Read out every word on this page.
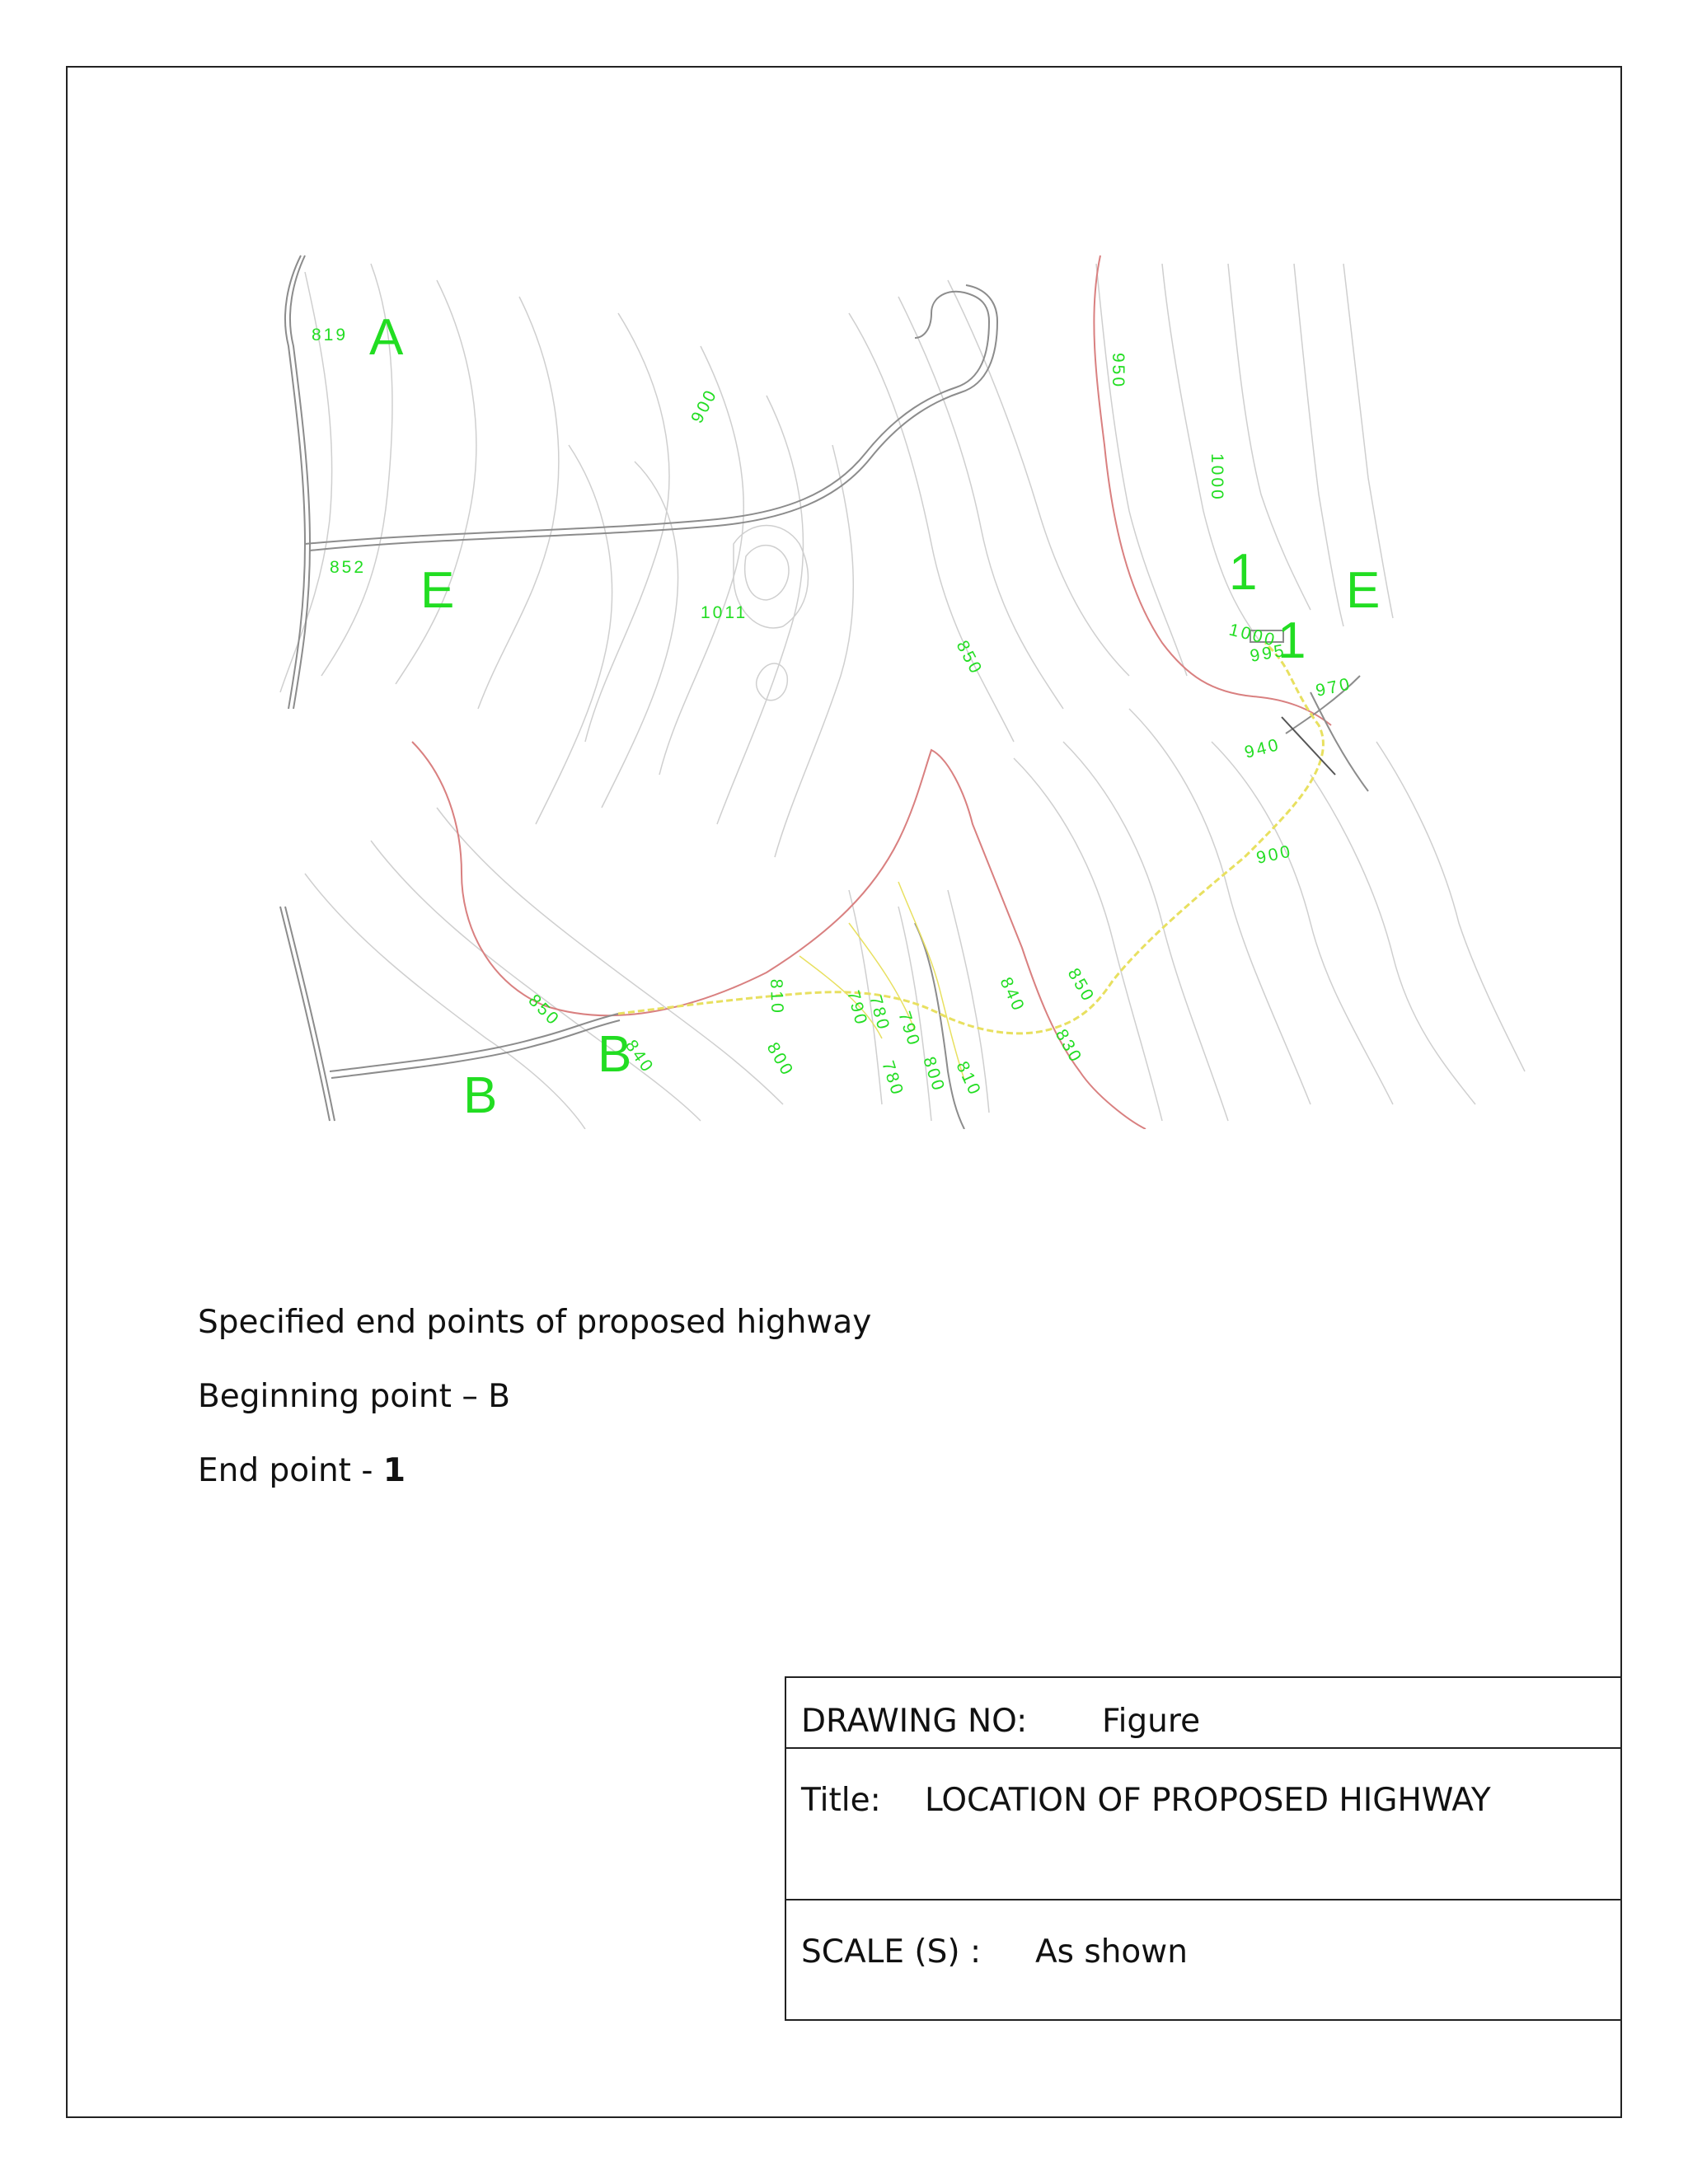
A
E
B
B
1 E
1
819
852
900
1011
950
1000
850
1000
995
970
940
900
850
840
830
810	790
780 790
780 800 810
800
840
850
Specified end points of proposed highway
Beginning point – B
End point - 1
DRAWING NO: Figure
Title: LOCATION OF PROPOSED HIGHWAY
SCALE (S) : As shown
